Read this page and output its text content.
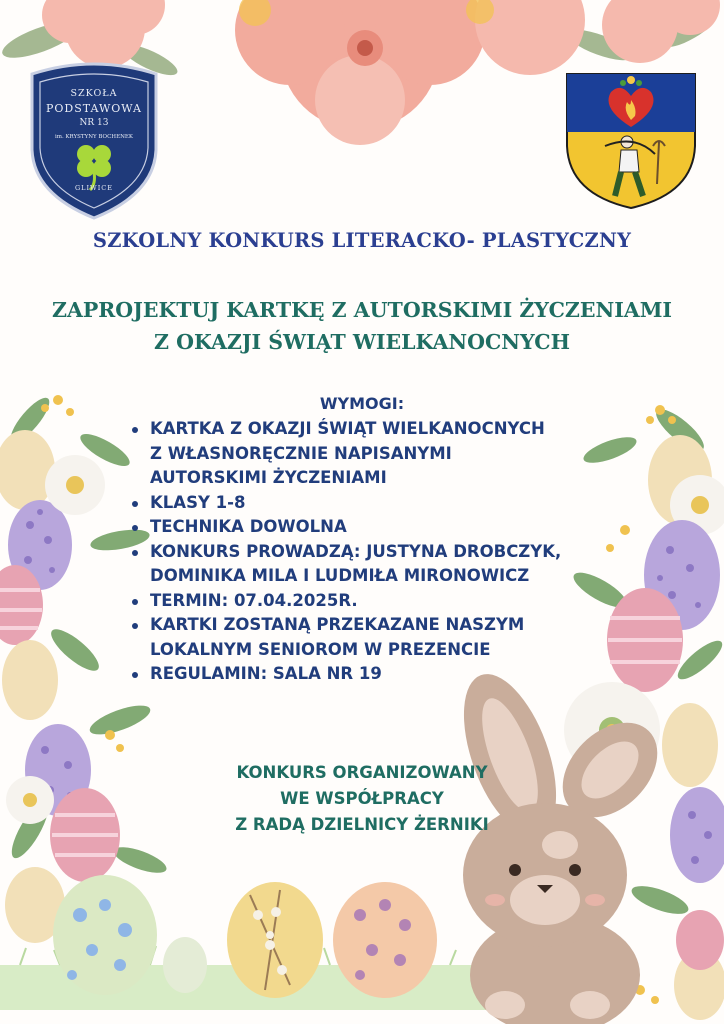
SZKOŁA
PODSTAWOWA
NR 13
im. KRYSTYNY BOCHENEK
GLIWICE
SZKOLNY KONKURS LITERACKO- PLASTYCZNY
ZAPROJEKTUJ KARTKĘ Z AUTORSKIMI ŻYCZENIAMI
Z OKAZJI ŚWIĄT WIELKANOCNYCH
WYMOGI:
KARTKA Z OKAZJI ŚWIĄT WIELKANOCNYCH
Z WŁASNORĘCZNIE NAPISANYMI
AUTORSKIMI ŻYCZENIAMI
KLASY 1-8
TECHNIKA DOWOLNA
KONKURS PROWADZĄ: JUSTYNA DROBCZYK,
DOMINIKA MILA I LUDMIŁA MIRONOWICZ
TERMIN: 07.04.2025R.
KARTKI ZOSTANĄ PRZEKAZANE NASZYM
LOKALNYM SENIOROM W PREZENCIE
REGULAMIN: SALA NR 19
KONKURS ORGANIZOWANY
WE WSPÓŁPRACY
Z RADĄ DZIELNICY ŻERNIKI
